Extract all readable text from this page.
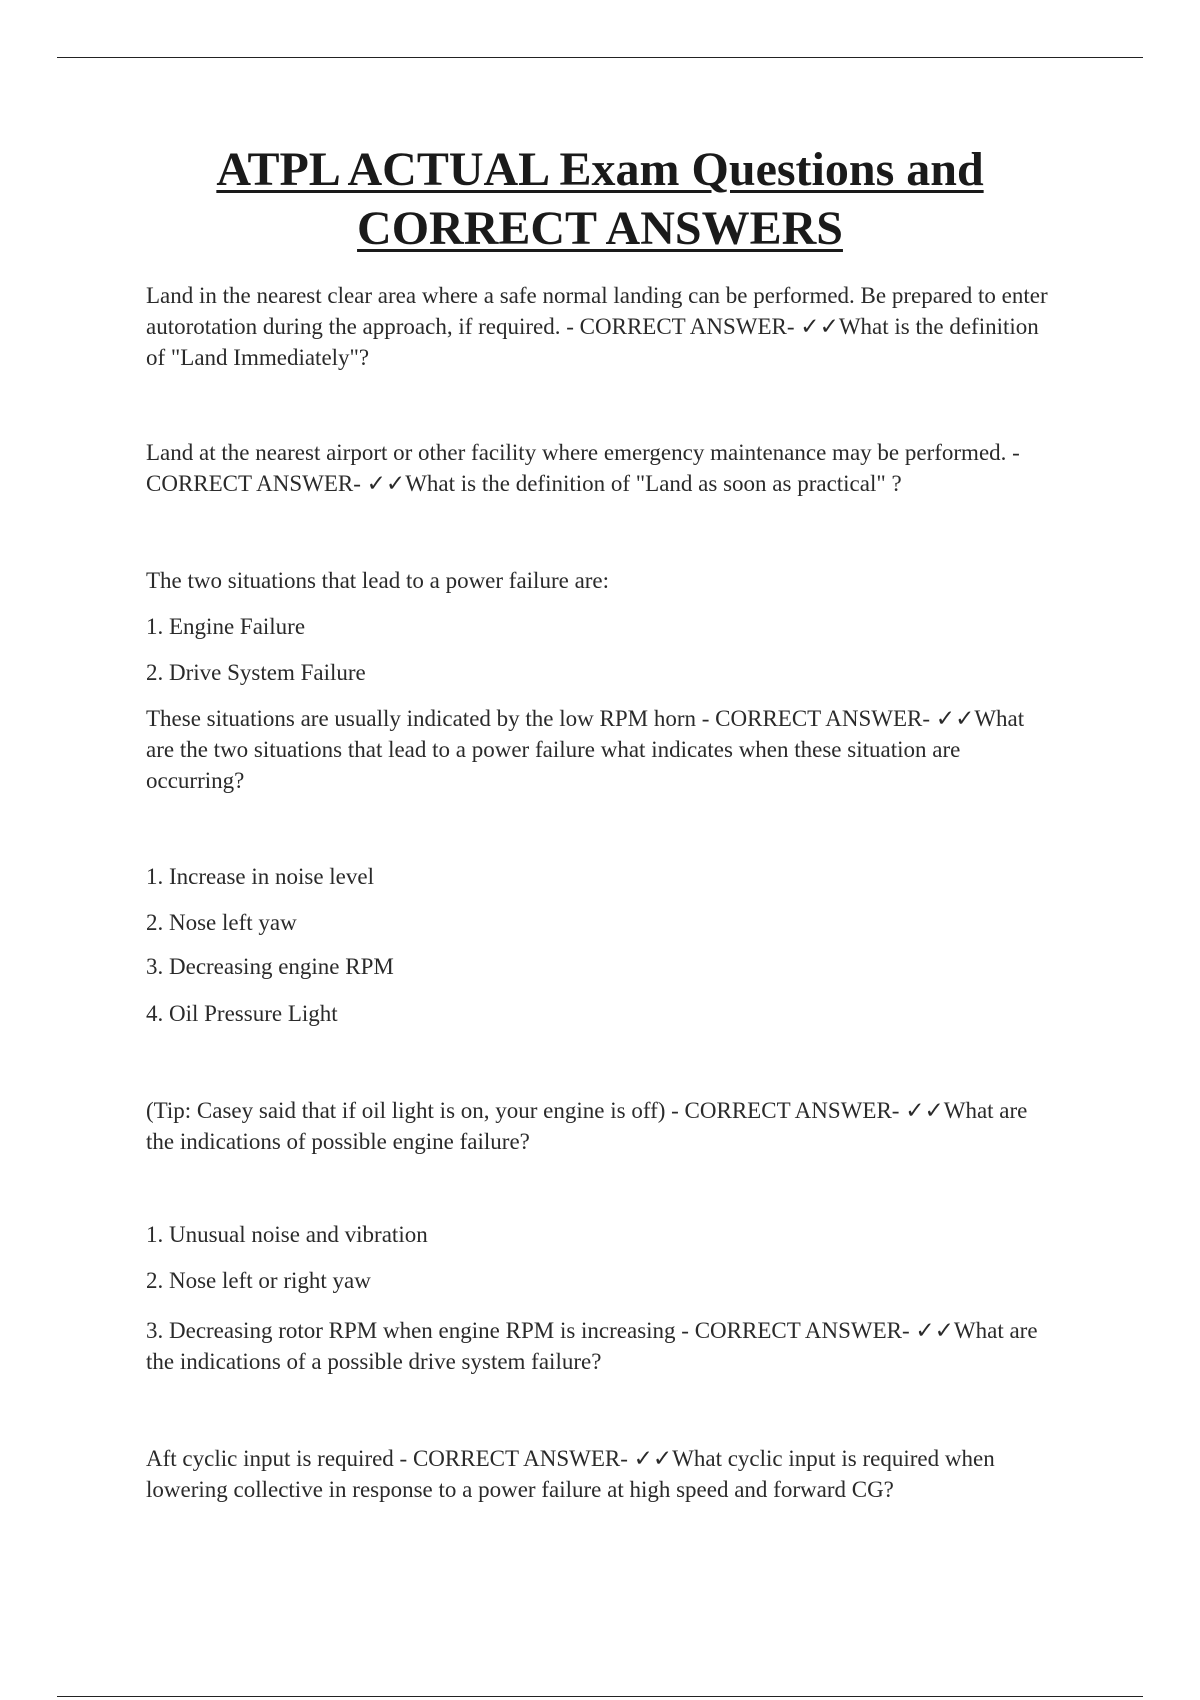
ATPL ACTUAL Exam Questions and
CORRECT ANSWERS

Land in the nearest clear area where a safe normal landing can be performed. Be prepared to enter autorotation during the approach, if required. - CORRECT ANSWER- ✓✓What is the definition of "Land Immediately"?

Land at the nearest airport or other facility where emergency maintenance may be performed. - CORRECT ANSWER- ✓✓What is the definition of "Land as soon as practical" ?

The two situations that lead to a power failure are:

1. Engine Failure

2. Drive System Failure

These situations are usually indicated by the low RPM horn - CORRECT ANSWER- ✓✓What are the two situations that lead to a power failure what indicates when these situation are occurring?

1. Increase in noise level

2. Nose left yaw

3. Decreasing engine RPM

4. Oil Pressure Light

(Tip: Casey said that if oil light is on, your engine is off) - CORRECT ANSWER- ✓✓What are the indications of possible engine failure?

1. Unusual noise and vibration

2. Nose left or right yaw

3. Decreasing rotor RPM when engine RPM is increasing - CORRECT ANSWER- ✓✓What are the indications of a possible drive system failure?

Aft cyclic input is required - CORRECT ANSWER- ✓✓What cyclic input is required when lowering collective in response to a power failure at high speed and forward CG?
